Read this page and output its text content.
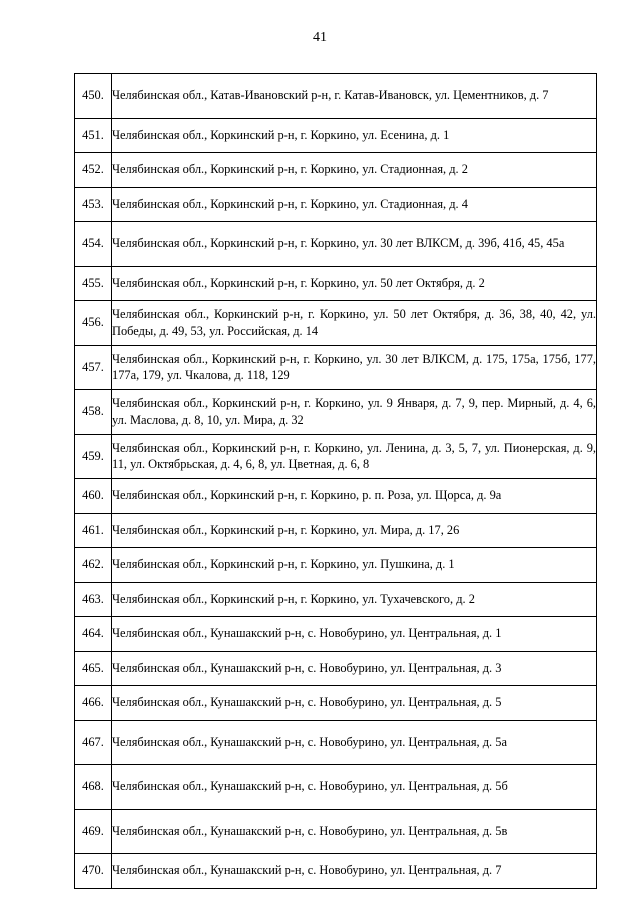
41
450.	Челябинская обл., Катав-Ивановский р-н, г. Катав-Ивановск, ул. Цементников, д. 7
451.	Челябинская обл., Коркинский р-н, г. Коркино, ул. Есенина, д. 1
452.	Челябинская обл., Коркинский р-н, г. Коркино, ул. Стадионная, д. 2
453.	Челябинская обл., Коркинский р-н, г. Коркино, ул. Стадионная, д. 4
454.	Челябинская обл., Коркинский р-н, г. Коркино, ул. 30 лет ВЛКСМ, д. 39б, 41б, 45, 45а
455.	Челябинская обл., Коркинский р-н, г. Коркино, ул. 50 лет Октября, д. 2
456.	Челябинская обл., Коркинский р-н, г. Коркино, ул. 50 лет Октября, д. 36, 38, 40, 42, ул. Победы, д. 49, 53, ул. Российская, д. 14
457.	Челябинская обл., Коркинский р-н, г. Коркино, ул. 30 лет ВЛКСМ, д. 175, 175а, 175б, 177, 177а, 179, ул. Чкалова, д. 118, 129
458.	Челябинская обл., Коркинский р-н, г. Коркино, ул. 9 Января, д. 7, 9, пер. Мирный, д. 4, 6, ул. Маслова, д. 8, 10, ул. Мира, д. 32
459.	Челябинская обл., Коркинский р-н, г. Коркино, ул. Ленина, д. 3, 5, 7, ул. Пионерская, д. 9, 11, ул. Октябрьская, д. 4, 6, 8, ул. Цветная, д. 6, 8
460.	Челябинская обл., Коркинский р-н, г. Коркино, р. п. Роза, ул. Щорса, д. 9а
461.	Челябинская обл., Коркинский р-н, г. Коркино, ул. Мира, д. 17, 26
462.	Челябинская обл., Коркинский р-н, г. Коркино, ул. Пушкина, д. 1
463.	Челябинская обл., Коркинский р-н, г. Коркино, ул. Тухачевского, д. 2
464.	Челябинская обл., Кунашакский р-н, с. Новобурино, ул. Центральная, д. 1
465.	Челябинская обл., Кунашакский р-н, с. Новобурино, ул. Центральная, д. 3
466.	Челябинская обл., Кунашакский р-н, с. Новобурино, ул. Центральная, д. 5
467.	Челябинская обл., Кунашакский р-н, с. Новобурино, ул. Центральная, д. 5а
468.	Челябинская обл., Кунашакский р-н, с. Новобурино, ул. Центральная, д. 5б
469.	Челябинская обл., Кунашакский р-н, с. Новобурино, ул. Центральная, д. 5в
470.	Челябинская обл., Кунашакский р-н, с. Новобурино, ул. Центральная, д. 7
